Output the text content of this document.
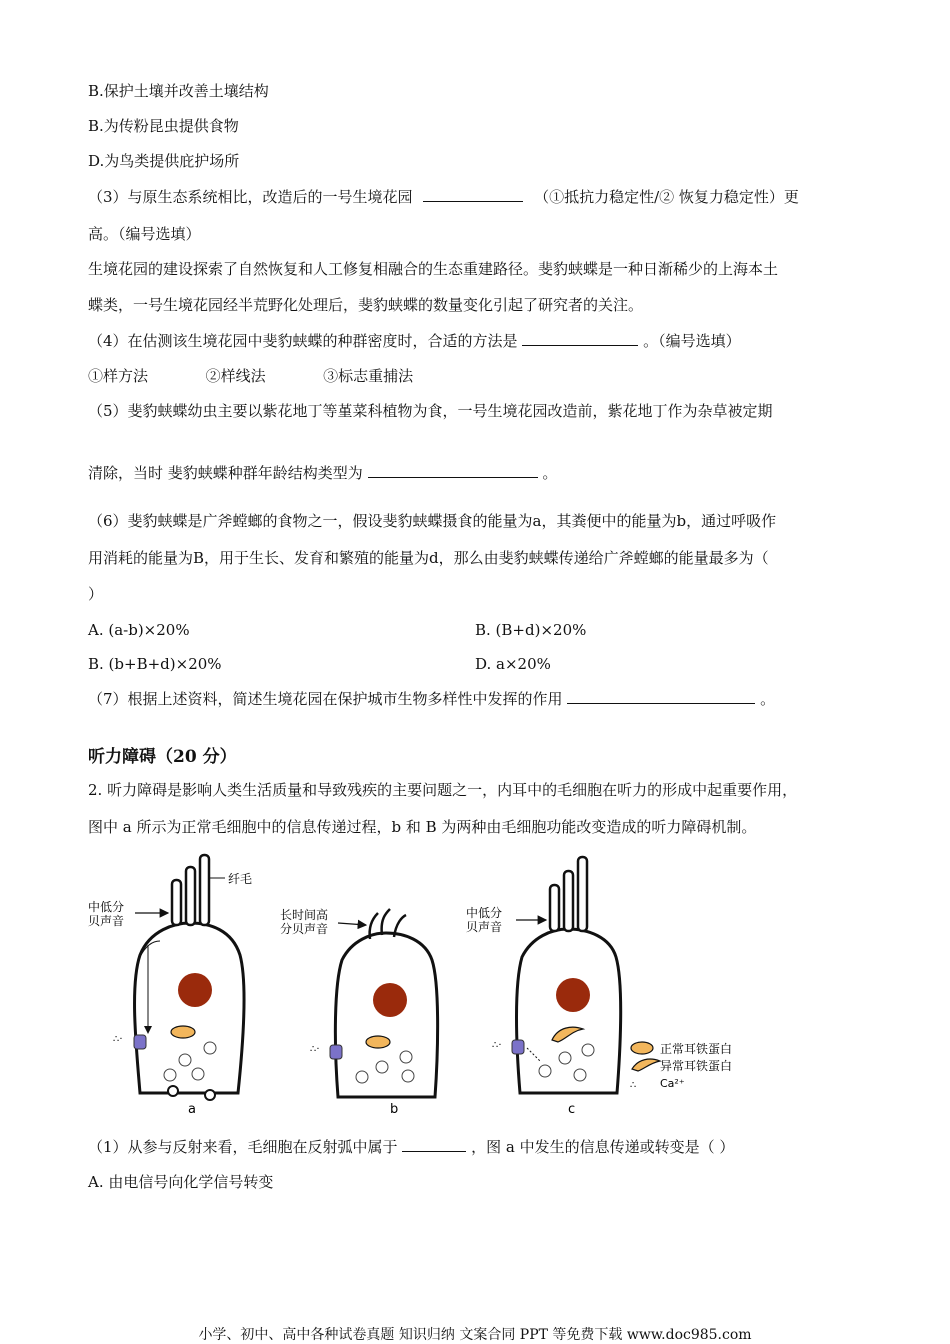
B.保护土壤并改善土壤结构
B.为传粉昆虫提供食物
D.为鸟类提供庇护场所
（3）与原生态系统相比，改造后的一号生境花园	（①抵抗力稳定性/② 恢复力稳定性）更
高。（编号选填）
生境花园的建设探索了自然恢复和人工修复相融合的生态重建路径。斐豹蛱蝶是一种日渐稀少的上海本土
蝶类，一号生境花园经半荒野化处理后，斐豹蛱蝶的数量变化引起了研究者的关注。
（4）在估测该生境花园中斐豹蛱蝶的种群密度时，合适的方法是	。（编号选填）
①样方法	②样线法	③标志重捕法
（5）斐豹蛱蝶幼虫主要以紫花地丁等堇菜科植物为食，一号生境花园改造前，紫花地丁作为杂草被定期
清除，当时 斐豹蛱蝶种群年龄结构类型为	。
（6）斐豹蛱蝶是广斧螳螂的食物之一，假设斐豹蛱蝶摄食的能量为a，其粪便中的能量为b，通过呼吸作
用消耗的能量为B，用于生长、发育和繁殖的能量为d，那么由斐豹蛱蝶传递给广斧螳螂的能量最多为（
）
A. (a-b)×20%	B. (B+d)×20%
B. (b+B+d)×20%	D. a×20%
（7）根据上述资料，简述生境花园在保护城市生物多样性中发挥的作用	。
听力障碍（20 分）
2. 听力障碍是影响人类生活质量和导致残疾的主要问题之一，内耳中的毛细胞在听力的形成中起重要作用，
图中 a 所示为正常毛细胞中的信息传递过程，b 和 B 为两种由毛细胞功能改变造成的听力障碍机制。
中低分
贝声音
纤毛
∴·
a
长时间高
分贝声音
∴·
b
中低分
贝声音
∴·
c
正常耳铁蛋白
异常耳铁蛋白
∴ Ca²⁺
（1）从参与反射来看，毛细胞在反射弧中属于	，图 a 中发生的信息传递或转变是（ ）
A. 由电信号向化学信号转变
小学、初中、高中各种试卷真题 知识归纳 文案合同 PPT 等免费下载 www.doc985.com
